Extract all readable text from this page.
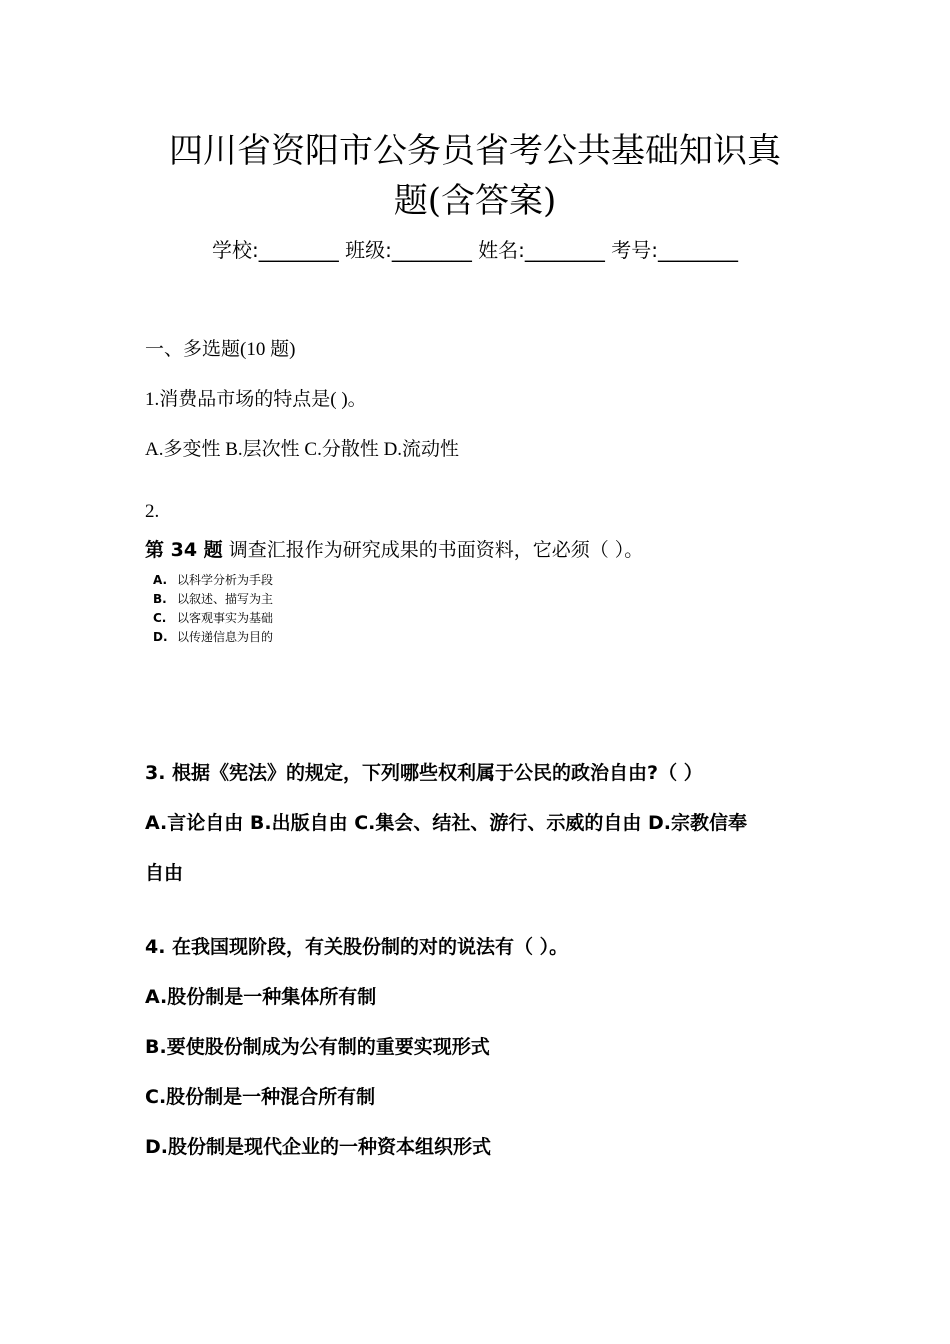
四川省资阳市公务员省考公共基础知识真
题(含答案)
学校:________ 班级:________ 姓名:________ 考号:________
一、多选题(10 题)
1.消费品市场的特点是( )。
A.多变性 B.层次性 C.分散性 D.流动性
2.
第 34 题 调查汇报作为研究成果的书面资料，它必须（ ）。
A. 以科学分析为手段
B. 以叙述、描写为主
C. 以客观事实为基础
D. 以传递信息为目的
3. 根据《宪法》的规定，下列哪些权利属于公民的政治自由?（ ）
A.言论自由 B.出版自由 C.集会、结社、游行、示威的自由 D.宗教信奉
自由
4. 在我国现阶段，有关股份制的对的说法有（ ）。
A.股份制是一种集体所有制
B.要使股份制成为公有制的重要实现形式
C.股份制是一种混合所有制
D.股份制是现代企业的一种资本组织形式
